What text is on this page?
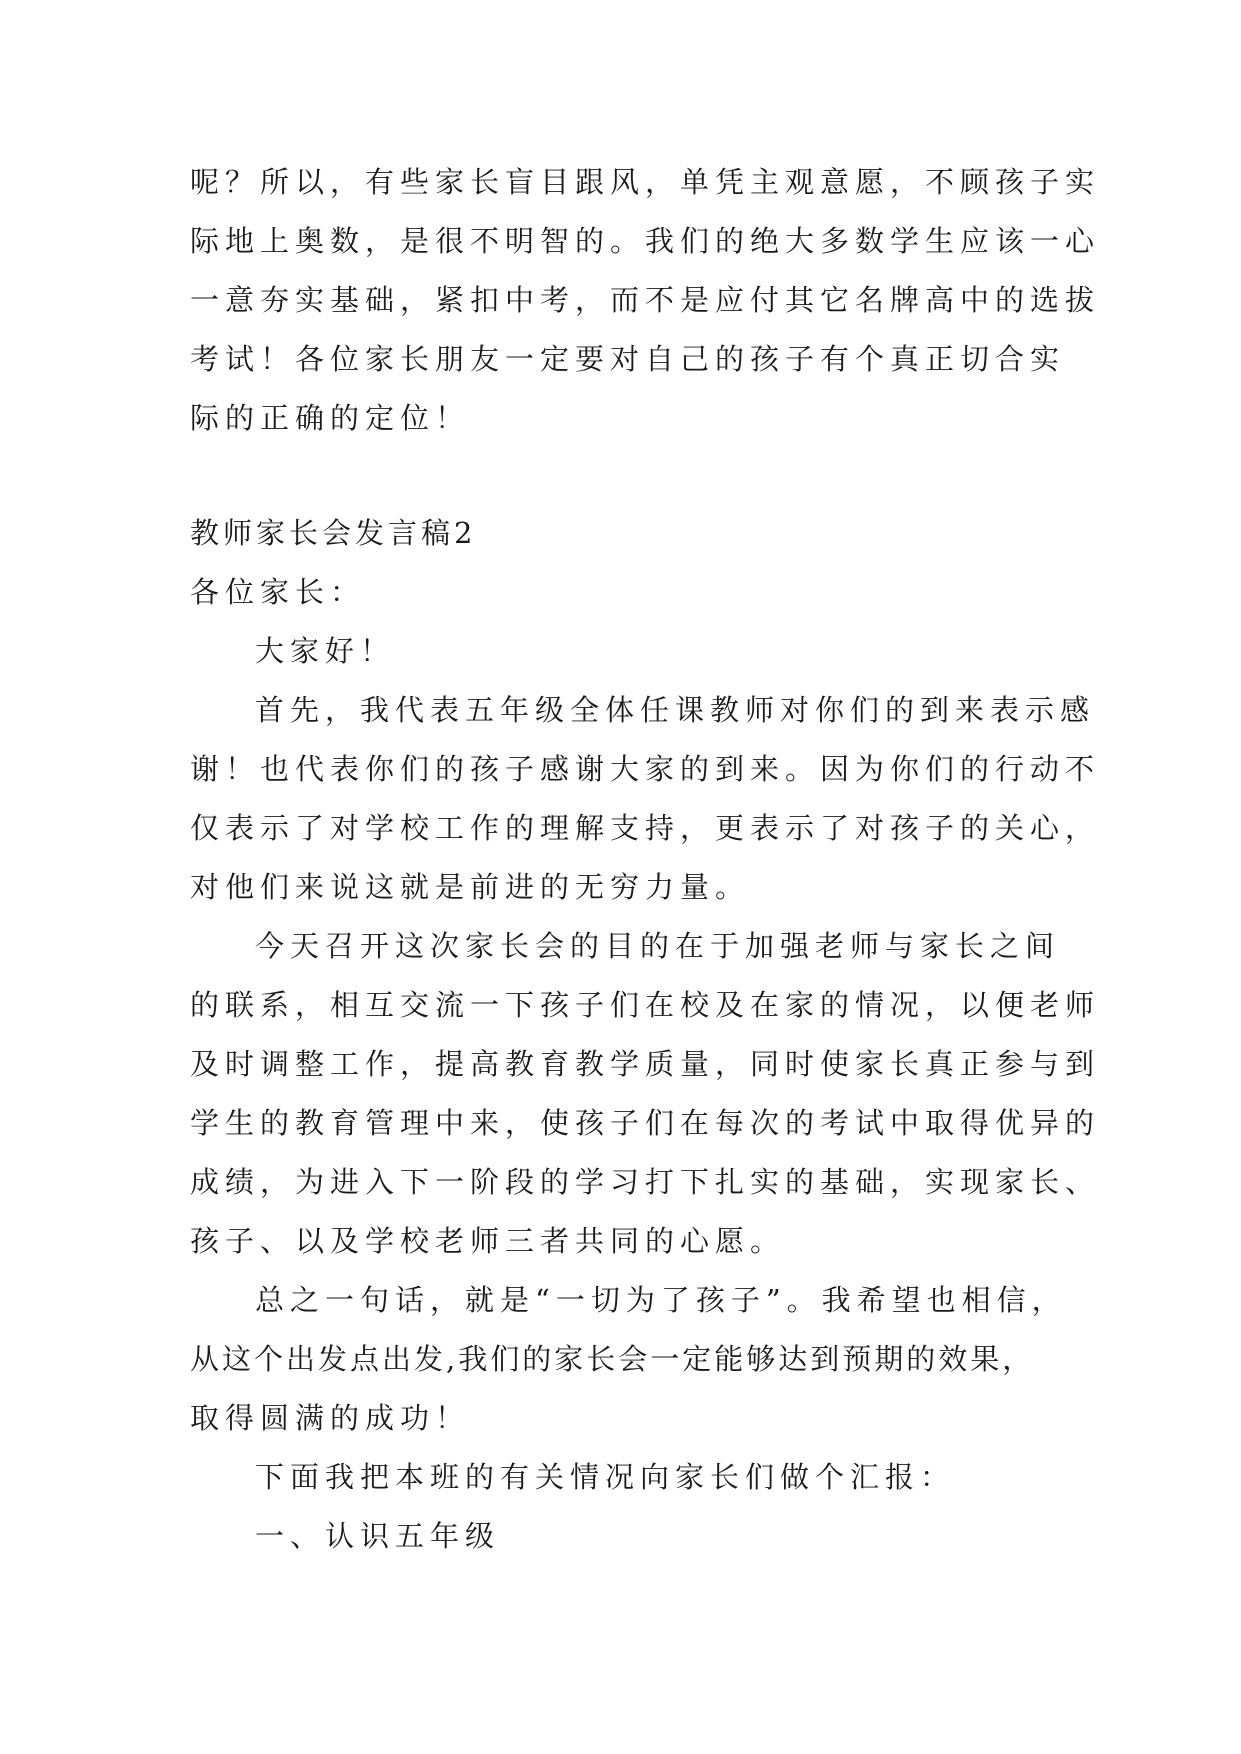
呢？所以，有些家长盲目跟风，单凭主观意愿，不顾孩子实
际地上奥数，是很不明智的。我们的绝大多数学生应该一心
一意夯实基础，紧扣中考，而不是应付其它名牌高中的选拔
考试！各位家长朋友一定要对自己的孩子有个真正切合实
际的正确的定位！
教师家长会发言稿2
各位家长：
大家好！
首先，我代表五年级全体任课教师对你们的到来表示感
谢！也代表你们的孩子感谢大家的到来。因为你们的行动不
仅表示了对学校工作的理解支持，更表示了对孩子的关心，
对他们来说这就是前进的无穷力量。
今天召开这次家长会的目的在于加强老师与家长之间
的联系，相互交流一下孩子们在校及在家的情况，以便老师
及时调整工作，提高教育教学质量，同时使家长真正参与到
学生的教育管理中来，使孩子们在每次的考试中取得优异的
成绩，为进入下一阶段的学习打下扎实的基础，实现家长、
孩子、以及学校老师三者共同的心愿。
总之一句话，就是“一切为了孩子”。我希望也相信，
从这个出发点出发,我们的家长会一定能够达到预期的效果，
取得圆满的成功！
下面我把本班的有关情况向家长们做个汇报：
一、认识五年级
